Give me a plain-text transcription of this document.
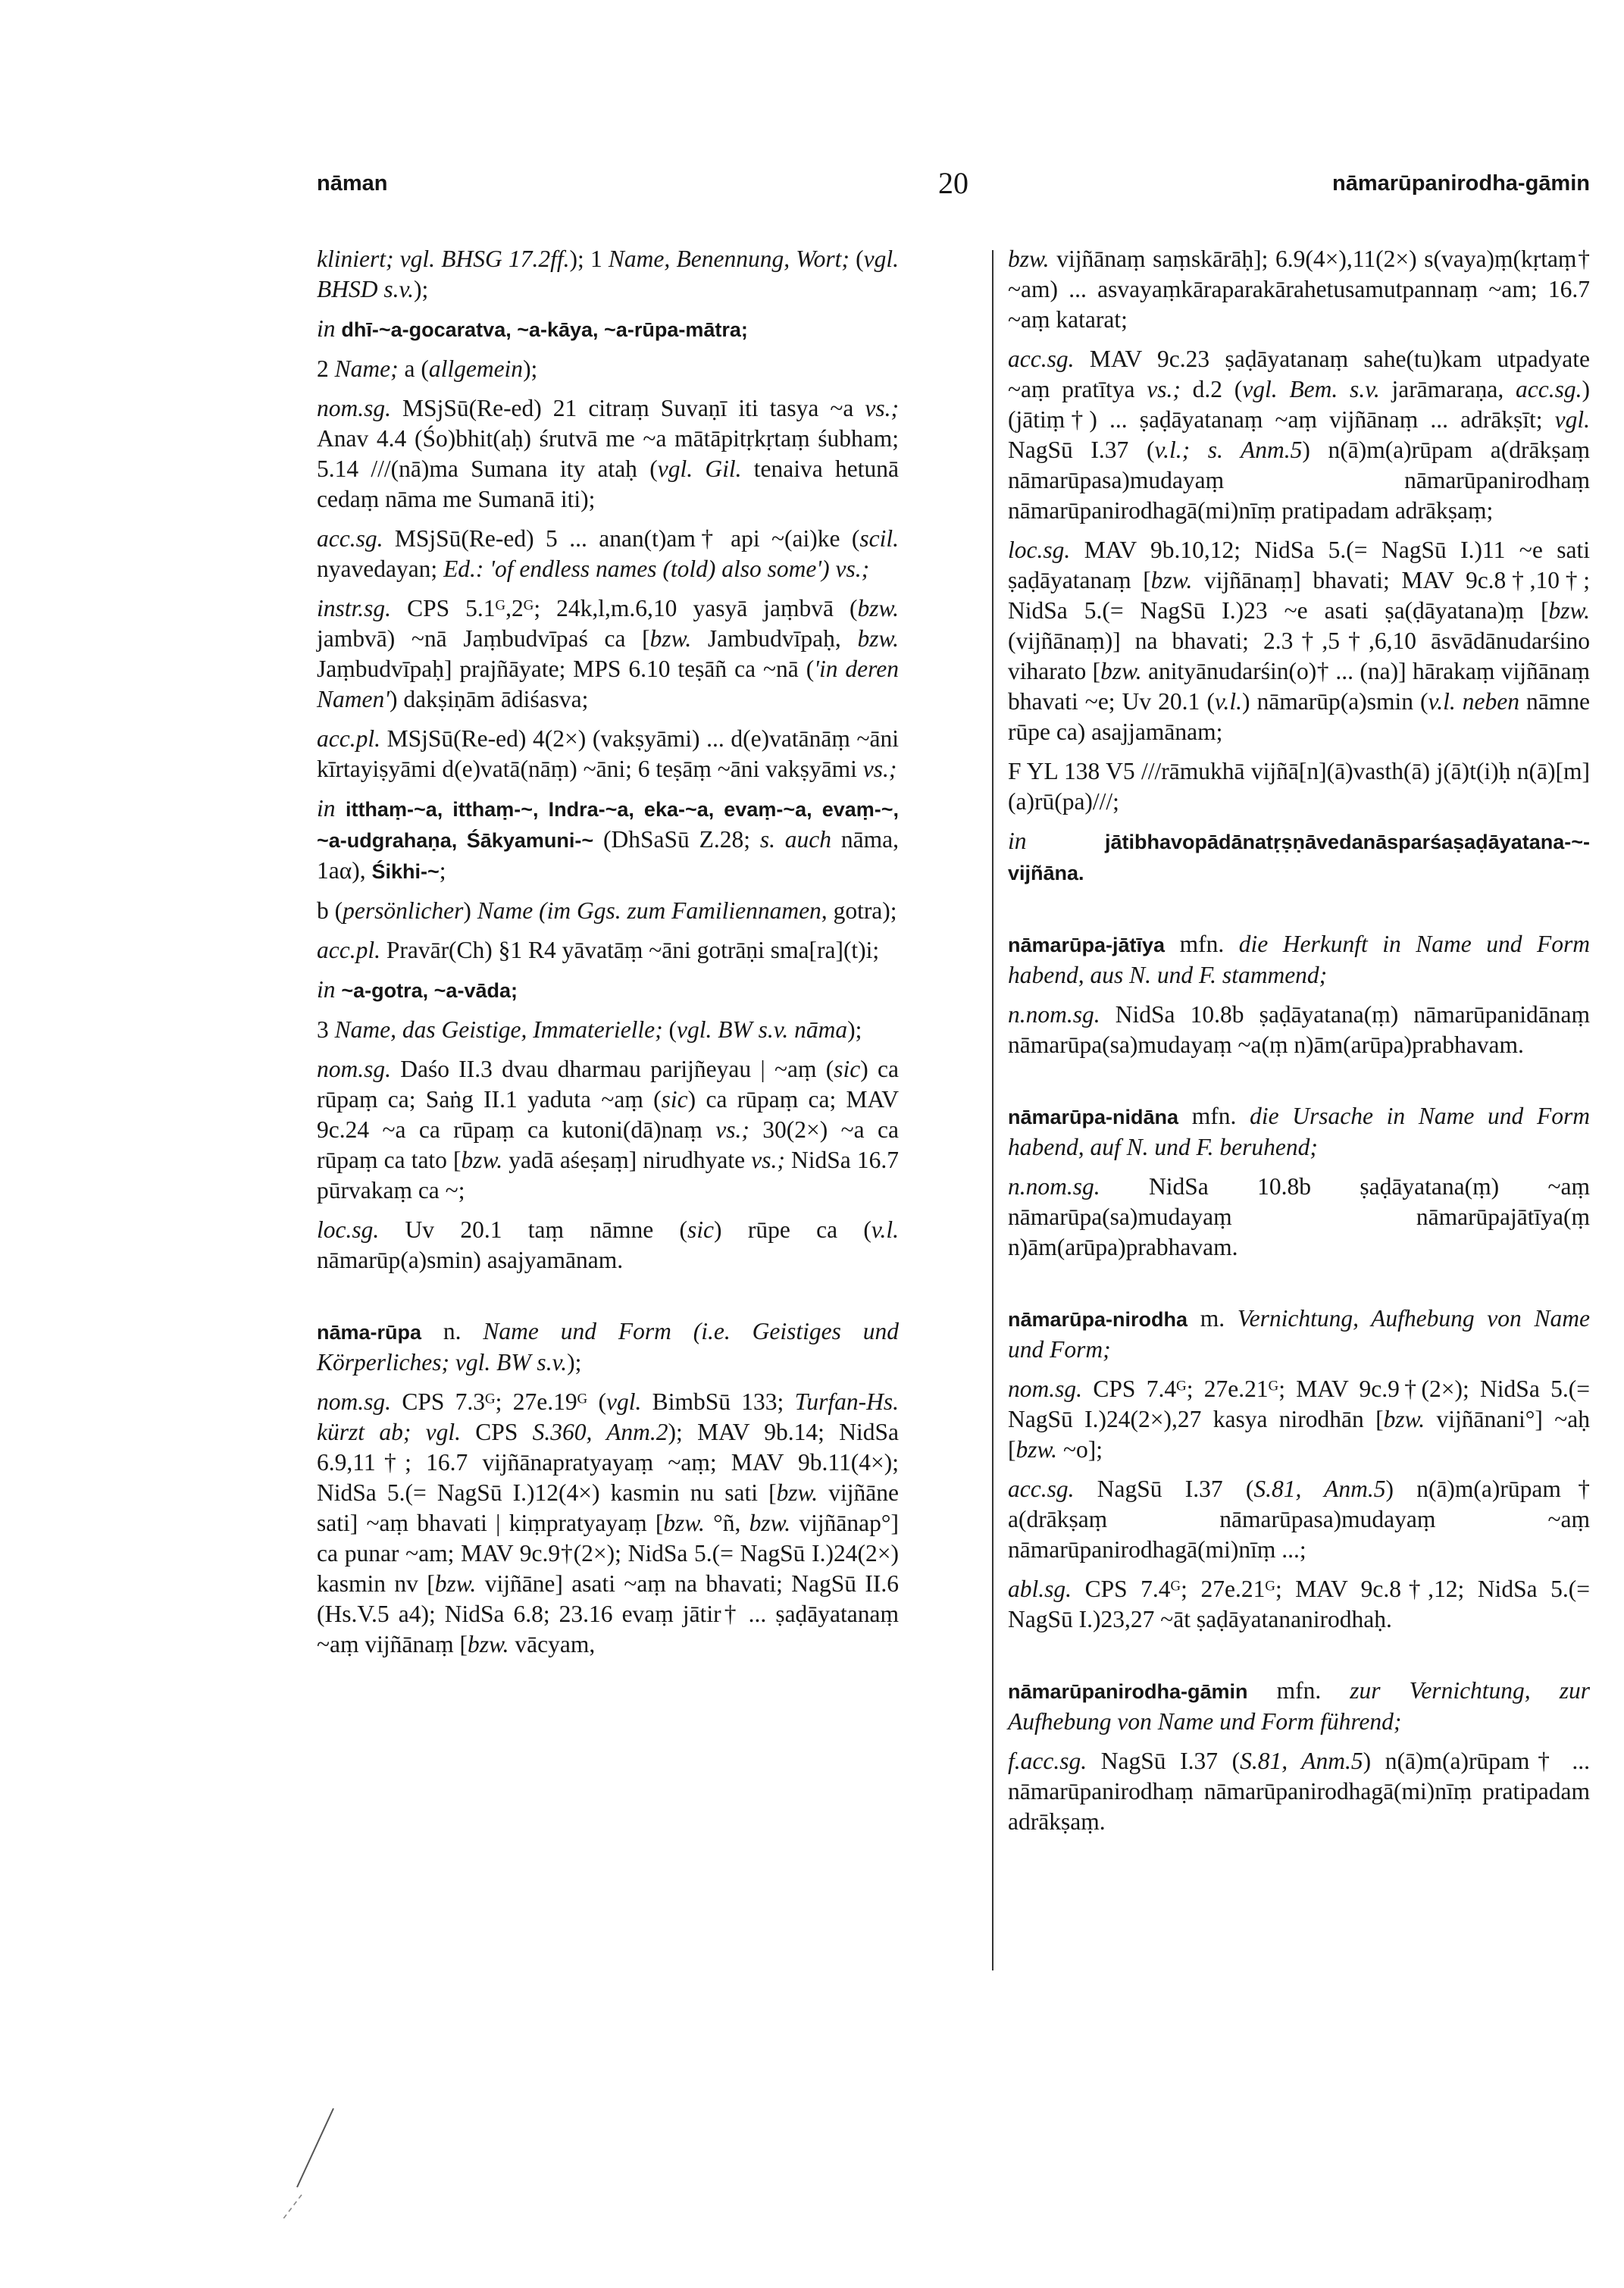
nāman	20	nāmarūpanirodha-gāmin

kliniert; vgl. BHSG 17.2ff.); 1 Name, Benennung, Wort; (vgl. BHSD s.v.);

in dhī-~a-gocaratva, ~a-kāya, ~a-rūpa-mātra;

2 Name; a (allgemein);

nom.sg. MSjSū(Re-ed) 21 citraṃ Suvaṇī iti tasya ~a vs.; Anav 4.4 (Śo)bhit(aḥ) śrutvā me ~a mātāpitṛkṛtaṃ śubham; 5.14 ///(nā)ma Sumana ity ataḥ (vgl. Gil. tenaiva hetunā cedaṃ nāma me Sumanā iti);

acc.sg. MSjSū(Re-ed) 5 ... anan(t)am† api ~(ai)ke (scil. nyavedayan; Ed.: 'of endless names (told) also some') vs.;

instr.sg. CPS 5.1ᴳ,2ᴳ; 24k,l,m.6,10 yasyā jaṃbvā (bzw. jambvā) ~nā Jaṃbudvīpaś ca [bzw. Jambudvīpaḥ, bzw. Jaṃbudvīpaḥ] prajñāyate; MPS 6.10 teṣāñ ca ~nā ('in deren Namen') dakṣiṇām ādiśasva;

acc.pl. MSjSū(Re-ed) 4(2×) (vakṣyāmi) ... d(e)vatānāṃ ~āni kīrtayiṣyāmi d(e)vatā(nāṃ) ~āni; 6 teṣāṃ ~āni vakṣyāmi vs.;

in itthaṃ-~a, itthaṃ-~, Indra-~a, eka-~a, evaṃ-~a, evaṃ-~, ~a-udgrahaṇa, Śākyamuni-~ (DhSaSū Z.28; s. auch nāma, 1aα), Śikhi-~;

b (persönlicher) Name (im Ggs. zum Familiennamen, gotra);

acc.pl. Pravār(Ch) §1 R4 yāvatāṃ ~āni gotrāṇi sma[ra](t)i;

in ~a-gotra, ~a-vāda;

3 Name, das Geistige, Immaterielle; (vgl. BW s.v. nāma);

nom.sg. Daśo II.3 dvau dharmau parijñeyau | ~aṃ (sic) ca rūpaṃ ca; Saṅg II.1 yaduta ~aṃ (sic) ca rūpaṃ ca; MAV 9c.24 ~a ca rūpaṃ ca kutoni(dā)naṃ vs.; 30(2×) ~a ca rūpaṃ ca tato [bzw. yadā aśeṣaṃ] nirudhyate vs.; NidSa 16.7 pūrvakaṃ ca ~;

loc.sg. Uv 20.1 taṃ nāmne (sic) rūpe ca (v.l. nāmarūp(a)smin) asajyamānam.

nāma-rūpa n. Name und Form (i.e. Geistiges und Körperliches; vgl. BW s.v.);

nom.sg. CPS 7.3ᴳ; 27e.19ᴳ (vgl. BimbSū 133; Turfan-Hs. kürzt ab; vgl. CPS S.360, Anm.2); MAV 9b.14; NidSa 6.9,11†; 16.7 vijñānapratyayaṃ ~aṃ; MAV 9b.11(4×); NidSa 5.(= NagSū I.)12(4×) kasmin nu sati [bzw. vijñāne sati] ~aṃ bhavati | kiṃpratyayaṃ [bzw. °ñ, bzw. vijñānap°] ca punar ~am; MAV 9c.9†(2×); NidSa 5.(= NagSū I.)24(2×) kasmin nv [bzw. vijñāne] asati ~aṃ na bhavati; NagSū II.6 (Hs.V.5 a4); NidSa 6.8; 23.16 evaṃ jātir† ... ṣaḍāyatanaṃ ~aṃ vijñānaṃ [bzw. vācyam,

bzw. vijñānaṃ saṃskārāḥ]; 6.9(4×),11(2×) s(vaya)ṃ(kṛtaṃ† ~am) ... asvayaṃkāraparakārahetusamutpannaṃ ~am; 16.7 ~aṃ katarat;

acc.sg. MAV 9c.23 ṣaḍāyatanaṃ sahe(tu)kam utpadyate ~aṃ pratītya vs.; d.2 (vgl. Bem. s.v. jarāmaraṇa, acc.sg.) (jātiṃ†) ... ṣaḍāyatanaṃ ~aṃ vijñānaṃ ... adrākṣīt; vgl. NagSū I.37 (v.l.; s. Anm.5) n(ā)m(a)rūpam a(drākṣaṃ nāmarūpasa)mudayaṃ nāmarūpanirodhaṃ nāmarūpanirodhagā(mi)nīṃ pratipadam adrākṣaṃ;

loc.sg. MAV 9b.10,12; NidSa 5.(= NagSū I.)11 ~e sati ṣaḍāyatanaṃ [bzw. vijñānaṃ] bhavati; MAV 9c.8†,10†; NidSa 5.(= NagSū I.)23 ~e asati ṣa(ḍāyatana)ṃ [bzw. (vijñānaṃ)] na bhavati; 2.3†,5†,6,10 āsvādānudarśino viharato [bzw. anityānudarśin(o)† ... (na)] hārakaṃ vijñānaṃ bhavati ~e; Uv 20.1 (v.l.) nāmarūp(a)smin (v.l. neben nāmne rūpe ca) asajjamānam;

F YL 138 V5 ///rāmukhā vijñā[n](ā)vasth(ā) j(ā)t(i)ḥ n(ā)[m](a)rū(pa)///;

in	jātibhavopādānatṛṣṇāvedanāsparśaṣaḍāyatana-~-vijñāna.

nāmarūpa-jātīya mfn. die Herkunft in Name und Form habend, aus N. und F. stammend;

n.nom.sg. NidSa 10.8b ṣaḍāyatana(ṃ) nāmarūpanidānaṃ nāmarūpa(sa)mudayaṃ ~a(ṃ n)ām(arūpa)prabhavam.

nāmarūpa-nidāna mfn. die Ursache in Name und Form habend, auf N. und F. beruhend;

n.nom.sg. NidSa 10.8b ṣaḍāyatana(ṃ) ~aṃ nāmarūpa(sa)mudayaṃ nāmarūpajātīya(ṃ n)ām(arūpa)prabhavam.

nāmarūpa-nirodha m. Vernichtung, Aufhebung von Name und Form;

nom.sg. CPS 7.4ᴳ; 27e.21ᴳ; MAV 9c.9†(2×); NidSa 5.(= NagSū I.)24(2×),27 kasya nirodhān [bzw. vijñānani°] ~aḥ [bzw. ~o];

acc.sg. NagSū I.37 (S.81, Anm.5) n(ā)m(a)rūpam† a(drākṣaṃ nāmarūpasa)mudayaṃ ~aṃ nāmarūpanirodhagā(mi)nīṃ ...;

abl.sg. CPS 7.4ᴳ; 27e.21ᴳ; MAV 9c.8†,12; NidSa 5.(= NagSū I.)23,27 ~āt ṣaḍāyatananirodhaḥ.

nāmarūpanirodha-gāmin mfn. zur Vernichtung, zur Aufhebung von Name und Form führend;

f.acc.sg. NagSū I.37 (S.81, Anm.5) n(ā)m(a)rūpam† ... nāmarūpanirodhaṃ nāmarūpanirodhagā(mi)nīṃ pratipadam adrākṣaṃ.
